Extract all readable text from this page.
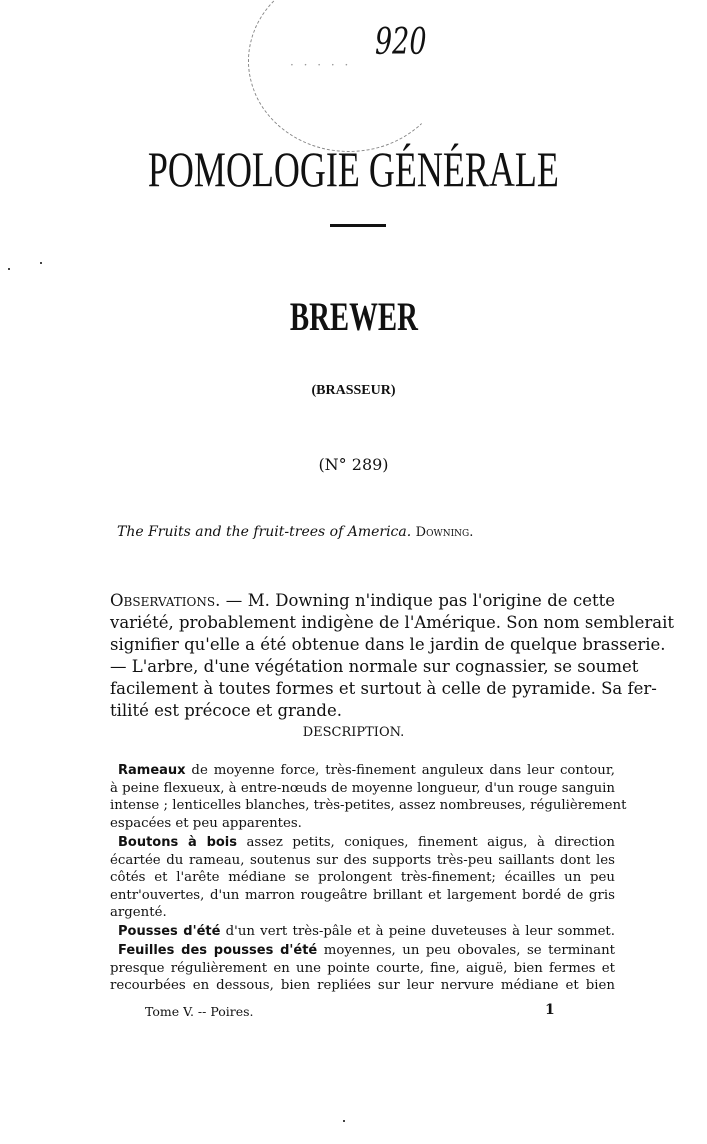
· · · · ·
920
POMOLOGIE GÉNÉRALE
BREWER
(BRASSEUR)
(N° 289)
The Fruits and the fruit-trees of America. Downing.
Observations. — M. Downing n'indique pas l'origine de cette
variété, probablement indigène de l'Amérique. Son nom semblerait
signifier qu'elle a été obtenue dans le jardin de quelque brasserie.
— L'arbre, d'une végétation normale sur cognassier, se soumet
facilement à toutes formes et surtout à celle de pyramide. Sa fer-
tilité est précoce et grande.
DESCRIPTION.
Rameaux de moyenne force, très-finement anguleux dans leur contour,
à peine flexueux, à entre-nœuds de moyenne longueur, d'un rouge sanguin
intense ; lenticelles blanches, très-petites, assez nombreuses, régulièrement
espacées et peu apparentes.
Boutons à bois assez petits, coniques, finement aigus, à direction
écartée du rameau, soutenus sur des supports très-peu saillants dont les
côtés et l'arête médiane se prolongent très-finement; écailles un peu
entr'ouvertes, d'un marron rougeâtre brillant et largement bordé de gris
argenté.
Pousses d'été d'un vert très-pâle et à peine duveteuses à leur sommet.
Feuilles des pousses d'été moyennes, un peu obovales, se terminant
presque régulièrement en une pointe courte, fine, aiguë, bien fermes et
recourbées en dessous, bien repliées sur leur nervure médiane et bien
Tome V. -- Poires.	1
